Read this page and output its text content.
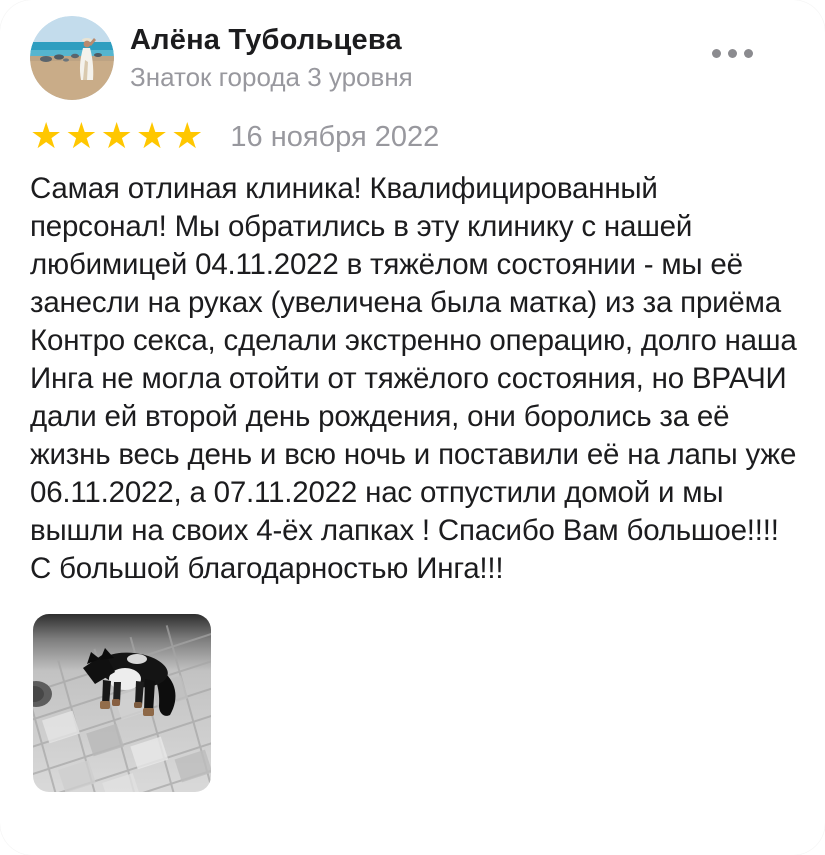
Алёна Тубольцева
Знаток города 3 уровня
★★★★★ 16 ноября 2022
Самая отлиная клиника! Квалифицированный персонал! Мы обратились в эту клинику с нашей любимицей 04.11.2022 в тяжёлом состоянии - мы её занесли на руках (увеличена была матка) из за приёма Контро секса, сделали экстренно операцию, долго наша Инга не могла отойти от тяжёлого состояния, но ВРАЧИ дали ей второй день рождения, они боролись за её жизнь весь день и всю ночь и поставили её на лапы уже 06.11.2022, а 07.11.2022 нас отпустили домой и мы вышли на своих 4-ёх лапках ! Спасибо Вам большое!!!! С большой благодарностью Инга!!!
